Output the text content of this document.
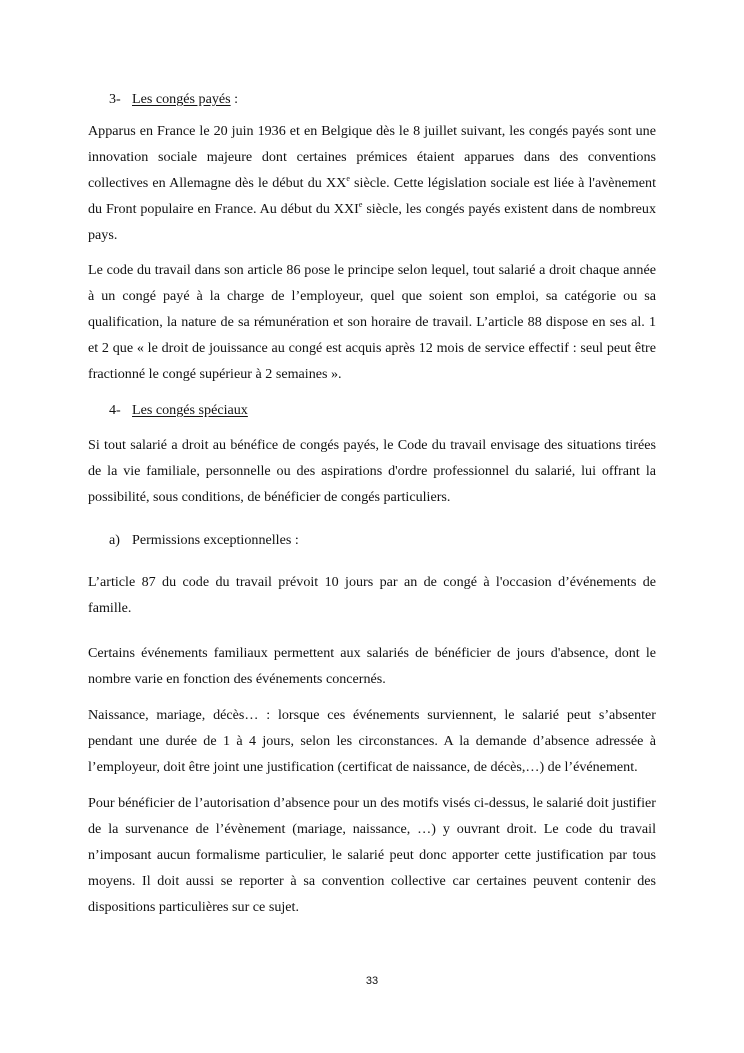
3- Les congés payés :

Apparus en France le 20 juin 1936 et en Belgique dès le 8 juillet suivant, les congés payés sont une innovation sociale majeure dont certaines prémices étaient apparues dans des conventions collectives en Allemagne dès le début du XXe siècle. Cette législation sociale est liée à l'avènement du Front populaire en France. Au début du XXIe siècle, les congés payés existent dans de nombreux pays.

Le code du travail dans son article 86 pose le principe selon lequel, tout salarié a droit chaque année à un congé payé à la charge de l’employeur, quel que soient son emploi, sa catégorie ou sa qualification, la nature de sa rémunération et son horaire de travail. L’article 88 dispose en ses al. 1 et 2 que « le droit de jouissance au congé est acquis après 12 mois de service effectif : seul peut être fractionné le congé supérieur à 2 semaines ».

4- Les congés spéciaux

Si tout salarié a droit au bénéfice de congés payés, le Code du travail envisage des situations tirées de la vie familiale, personnelle ou des aspirations d'ordre professionnel du salarié, lui offrant la possibilité, sous conditions, de bénéficier de congés particuliers.

a) Permissions exceptionnelles :

L’article 87 du code du travail prévoit 10 jours par an de congé à l'occasion d’événements de famille.

Certains événements familiaux permettent aux salariés de bénéficier de jours d'absence, dont le nombre varie en fonction des événements concernés.

Naissance, mariage, décès… : lorsque ces événements surviennent, le salarié peut s’absenter pendant une durée de 1 à 4 jours, selon les circonstances. A la demande d’absence adressée à l’employeur, doit être joint une justification (certificat de naissance, de décès,…) de l’événement.

Pour bénéficier de l’autorisation d’absence pour un des motifs visés ci-dessus, le salarié doit justifier de la survenance de l’évènement (mariage, naissance, …) y ouvrant droit. Le code du travail n’imposant aucun formalisme particulier, le salarié peut donc apporter cette justification par tous moyens. Il doit aussi se reporter à sa convention collective car certaines peuvent contenir des dispositions particulières sur ce sujet.

33
